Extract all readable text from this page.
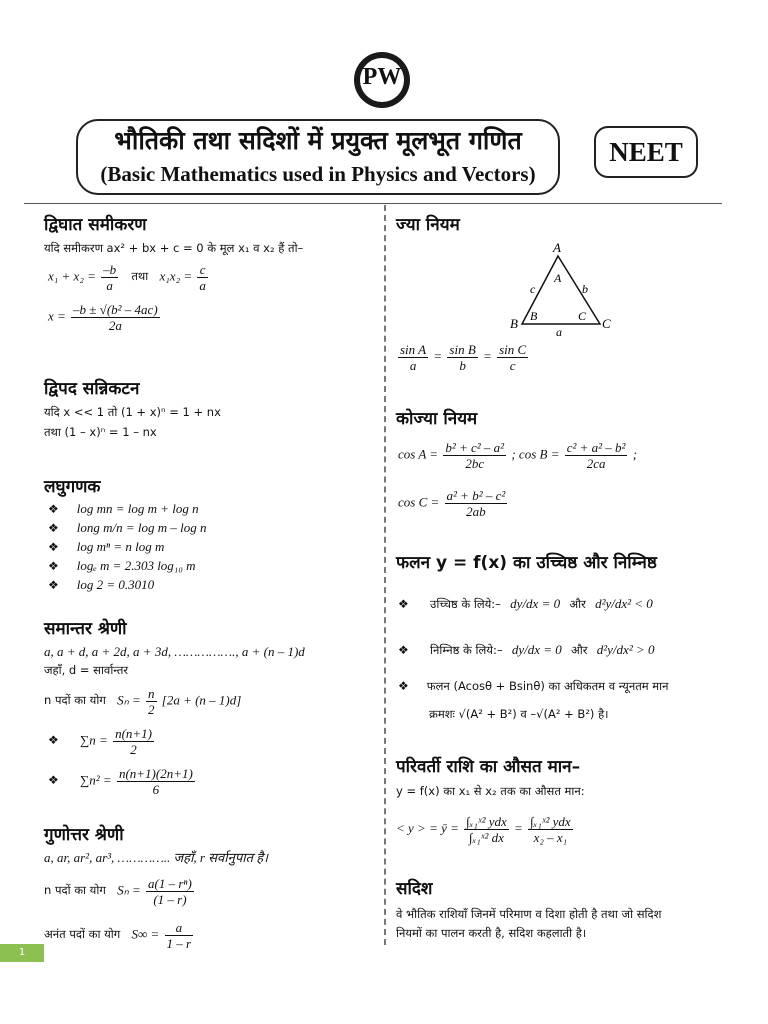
PW
भौतिकी तथा सदिशों में प्रयुक्त मूलभूत गणित
(Basic Mathematics used in Physics and Vectors)
NEET
द्विघात समीकरण
यदि समीकरण ax² + bx + c = 0 के मूल x₁ व x₂ हैं तो–
$x_1 + x_2 = \frac{-b}{a}$ तथा $x_1x_2 = \frac{c}{a}$
$x = \frac{\text{–b ± √(b² – 4ac)}}{2a}$
द्विपद सन्निकटन
यदि x << 1 तो (1 + x)ⁿ = 1 + nx
तथा (1 – x)ⁿ = 1 – nx
लघुगणक
❖ log mn = log m + log n
❖ long m/n = log m – log n
❖ log mⁿ = n log m
❖ logₑ m = 2.303 log₁₀ m
❖ log 2 = 0.3010
समान्तर श्रेणी
a, a + d, a + 2d, a + 3d, ……………., a + (n – 1)d
जहाँ, d = सार्वान्तर
n पदों का योग $S_n = \frac{n}{2} [2a + (n - 1)d]$
❖ $\sum n = \frac{n(n+1)}{2}$
❖ $\sum n^2 = \frac{n(n+1)(2n+1)}{6}$
गुणोत्तर श्रेणी
a, ar, ar², ar³, ………….. जहाँ, r सर्वानुपात है।
n पदों का योग $S_n = \frac{\text{a(1 – rⁿ)}}{(1 - r)}$
अनंत पदों का योग $S\infty = \frac{a}{1 - r}$
ज्या नियम
A
A
B B	C
C
a
b
c
$\frac{\text{sin A}}{a} = \frac{\text{sin B}}{b} = \frac{\text{sin C}}{c}$
कोज्या नियम
$\cos A = \frac{\text{b² + c² – a²}}{2bc}$ ; $\cos B = \frac{\text{c² + a² – b²}}{2ca}$ ;
$\cos C = \frac{\text{a² + b² – c²}}{2ab}$
फलन y = f(x) का उच्चिष्ठ और निम्निष्ठ
❖ उच्चिष्ठ के लिये:– dy/dx = 0 और d²y/dx² < 0
❖ निम्निष्ठ के लिये:– dy/dx = 0 और d²y/dx² > 0
❖ फलन (Acosθ + Bsinθ) का अधिकतम व न्यूनतम मान
क्रमशः √(A² + B²) व –√(A² + B²) है।
परिवर्ती राशि का औसत मान–
y = f(x) का x₁ से x₂ तक का औसत मान:
< y > = ȳ = $\frac{\text{∫ₓ₁ˣ² ydx}}{\text{∫ₓ₁ˣ² dx}} = \frac{\text{∫ₓ₁ˣ² ydx}}{\text{x₂ – x₁}}$
सदिश
वे भौतिक राशियाँ जिनमें परिमाण व दिशा होती है तथा जो सदिश
नियमों का पालन करती है, सदिश कहलाती है।
1
